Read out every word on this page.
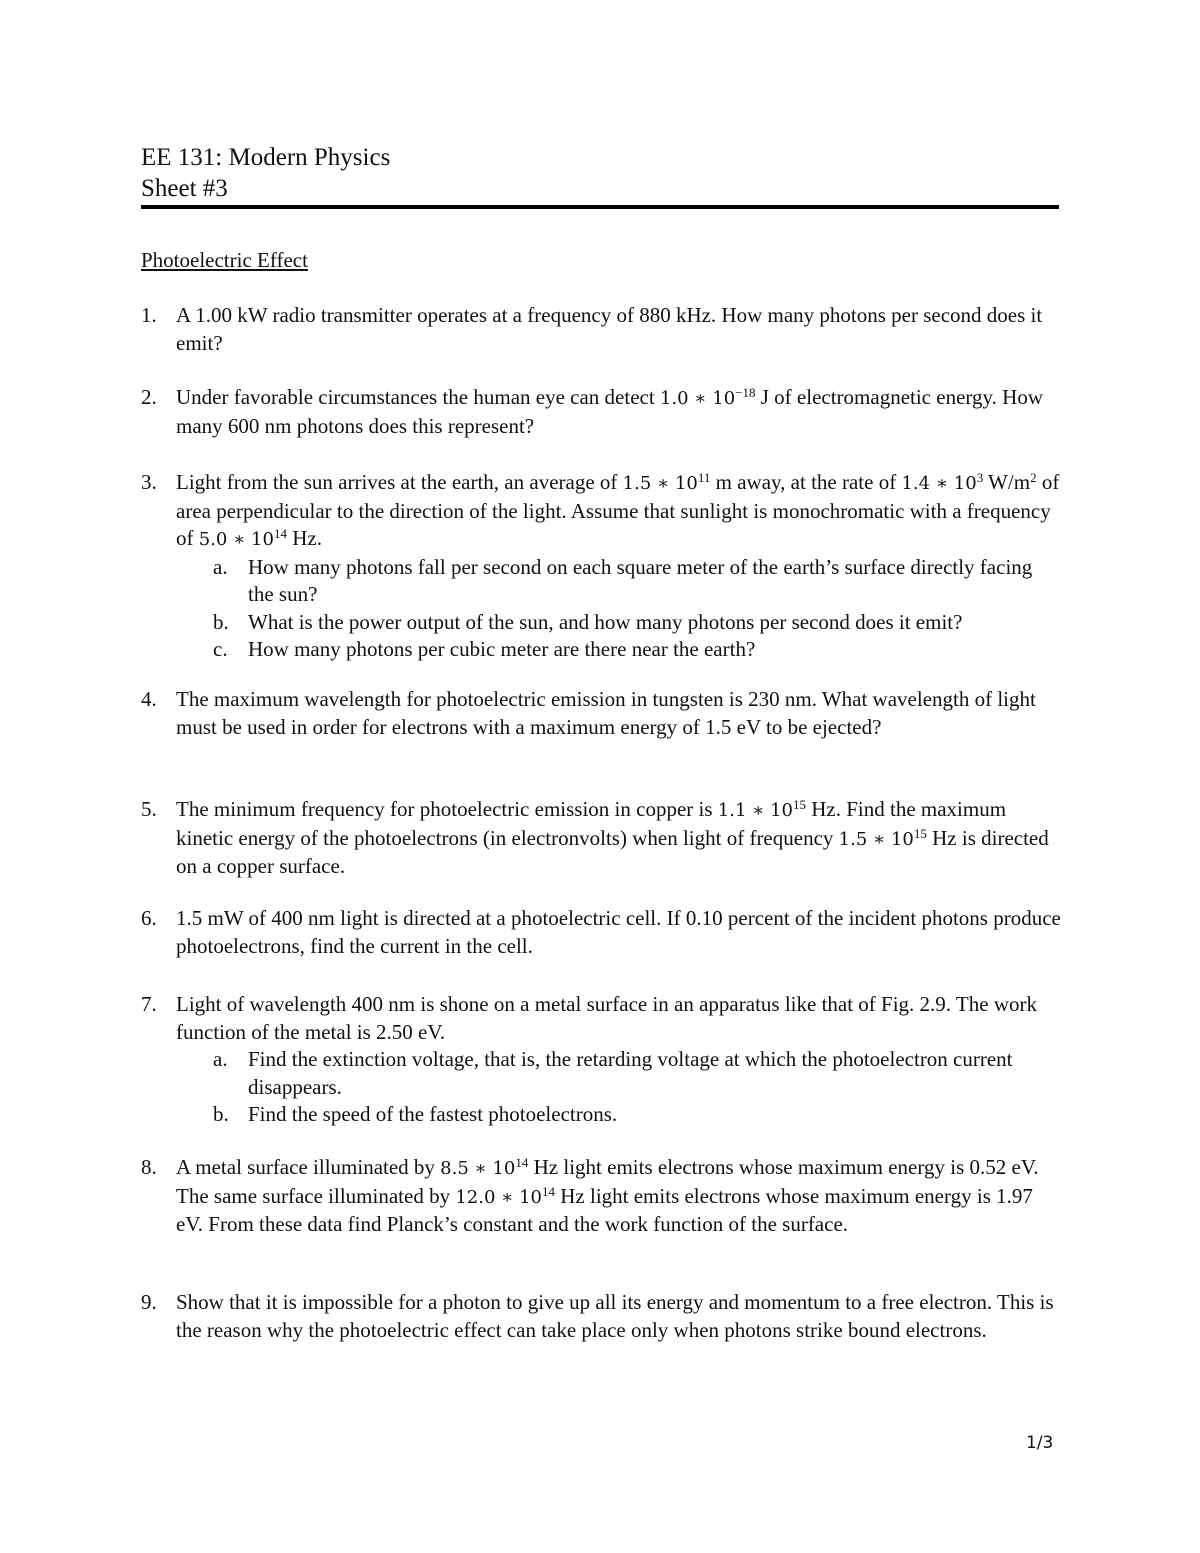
EE 131: Modern Physics
Sheet #3
Photoelectric Effect
1. A 1.00 kW radio transmitter operates at a frequency of 880 kHz. How many photons per second does it emit?
2. Under favorable circumstances the human eye can detect 1.0 ∗ $10^{-18}$ J of electromagnetic energy. How many 600 nm photons does this represent?
3. Light from the sun arrives at the earth, an average of 1.5 ∗ $10^{11}$ m away, at the rate of 1.4 ∗ $10^3$ $W/m^2$ of area perpendicular to the direction of the light. Assume that sunlight is monochromatic with a frequency of 5.0 ∗ $10^{14}$ Hz.
a. How many photons fall per second on each square meter of the earth’s surface directly facing the sun?
b. What is the power output of the sun, and how many photons per second does it emit?
c. How many photons per cubic meter are there near the earth?
4. The maximum wavelength for photoelectric emission in tungsten is 230 nm. What wavelength of light must be used in order for electrons with a maximum energy of 1.5 eV to be ejected?
5. The minimum frequency for photoelectric emission in copper is 1.1 ∗ $10^{15}$ Hz. Find the maximum kinetic energy of the photoelectrons (in electronvolts) when light of frequency 1.5 ∗ $10^{15}$ Hz is directed on a copper surface.
6. 1.5 mW of 400 nm light is directed at a photoelectric cell. If 0.10 percent of the incident photons produce photoelectrons, find the current in the cell.
7. Light of wavelength 400 nm is shone on a metal surface in an apparatus like that of Fig. 2.9. The work function of the metal is 2.50 eV.
a. Find the extinction voltage, that is, the retarding voltage at which the photoelectron current disappears.
b. Find the speed of the fastest photoelectrons.
8. A metal surface illuminated by 8.5 ∗ $10^{14}$ Hz light emits electrons whose maximum energy is 0.52 eV. The same surface illuminated by 12.0 ∗ $10^{14}$ Hz light emits electrons whose maximum energy is 1.97 eV. From these data find Planck’s constant and the work function of the surface.
9. Show that it is impossible for a photon to give up all its energy and momentum to a free electron. This is the reason why the photoelectric effect can take place only when photons strike bound electrons.
1/3
